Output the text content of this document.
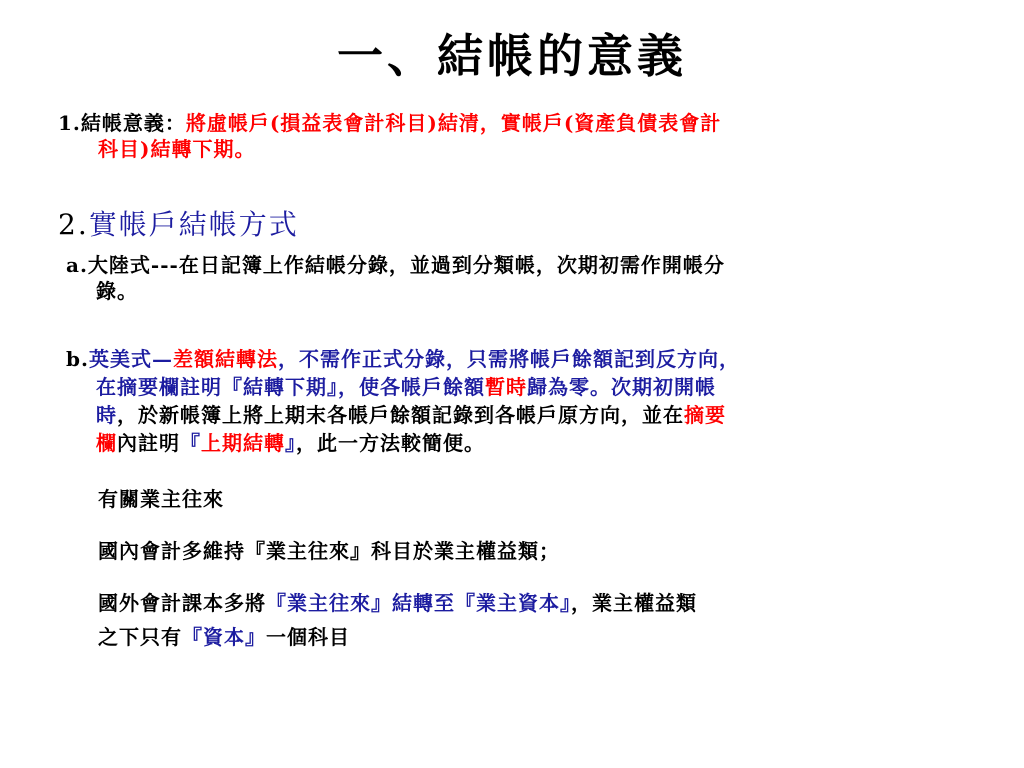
一、結帳的意義
1.結帳意義：將虛帳戶(損益表會計科目)結清，實帳戶(資產負債表會計
科目)結轉下期。
2.實帳戶結帳方式
a.大陸式---在日記簿上作結帳分錄，並過到分類帳，次期初需作開帳分
錄。
b.英美式—差額結轉法，不需作正式分錄，只需將帳戶餘額記到反方向，
在摘要欄註明『結轉下期』，使各帳戶餘額暫時歸為零。次期初開帳
時，於新帳簿上將上期末各帳戶餘額記錄到各帳戶原方向，並在摘要
欄內註明『上期結轉』，此一方法較簡便。
有關業主往來
國內會計多維持『業主往來』科目於業主權益類；
國外會計課本多將『業主往來』結轉至『業主資本』，業主權益類
之下只有『資本』一個科目
